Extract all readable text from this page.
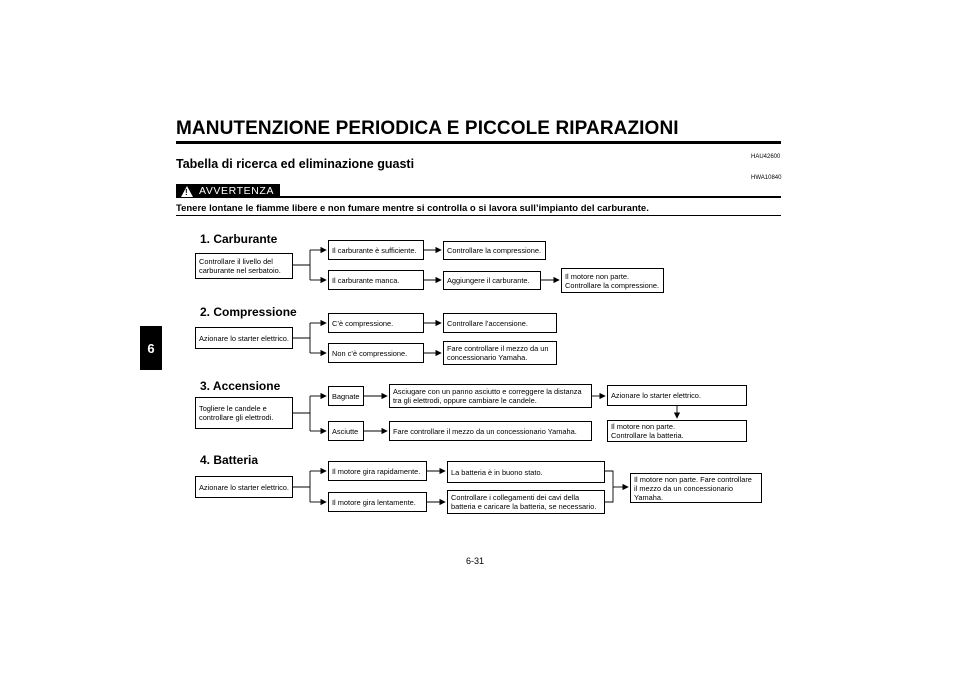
MANUTENZIONE PERIODICA E PICCOLE RIPARAZIONI
6
HAU42600
Tabella di ricerca ed eliminazione guasti
HWA10840
! AVVERTENZA
Tenere lontane le fiamme libere e non fumare mentre si controlla o si lavora sull’impianto del carburante.
1. Carburante
Controllare il livello del
carburante nel serbatoio.
Il carburante è sufficiente.	Controllare la compressione.
Il carburante manca.	Aggiungere il carburante.	Il motore non parte.
Controllare la compressione.
2. Compressione
Azionare lo starter elettrico.
C’è compressione.	Controllare l’accensione.
Non c’è compressione.	Fare controllare il mezzo da un
concessionario Yamaha.
3. Accensione
Togliere le candele e
controllare gli elettrodi.
Bagnate	Asciugare con un panno asciutto e correggere la distanza
tra gli elettrodi, oppure cambiare le candele.
Azionare lo starter elettrico.
Il motore non parte.
Controllare la batteria.
Asciutte	Fare controllare il mezzo da un concessionario Yamaha.
4. Batteria
Azionare lo starter elettrico.
Il motore gira rapidamente.	La batteria è in buono stato.
Il motore gira lentamente.	Controllare i collegamenti dei cavi della
batteria e caricare la batteria, se necessario.
Il motore non parte. Fare controllare
il mezzo da un concessionario
Yamaha.
6-31
